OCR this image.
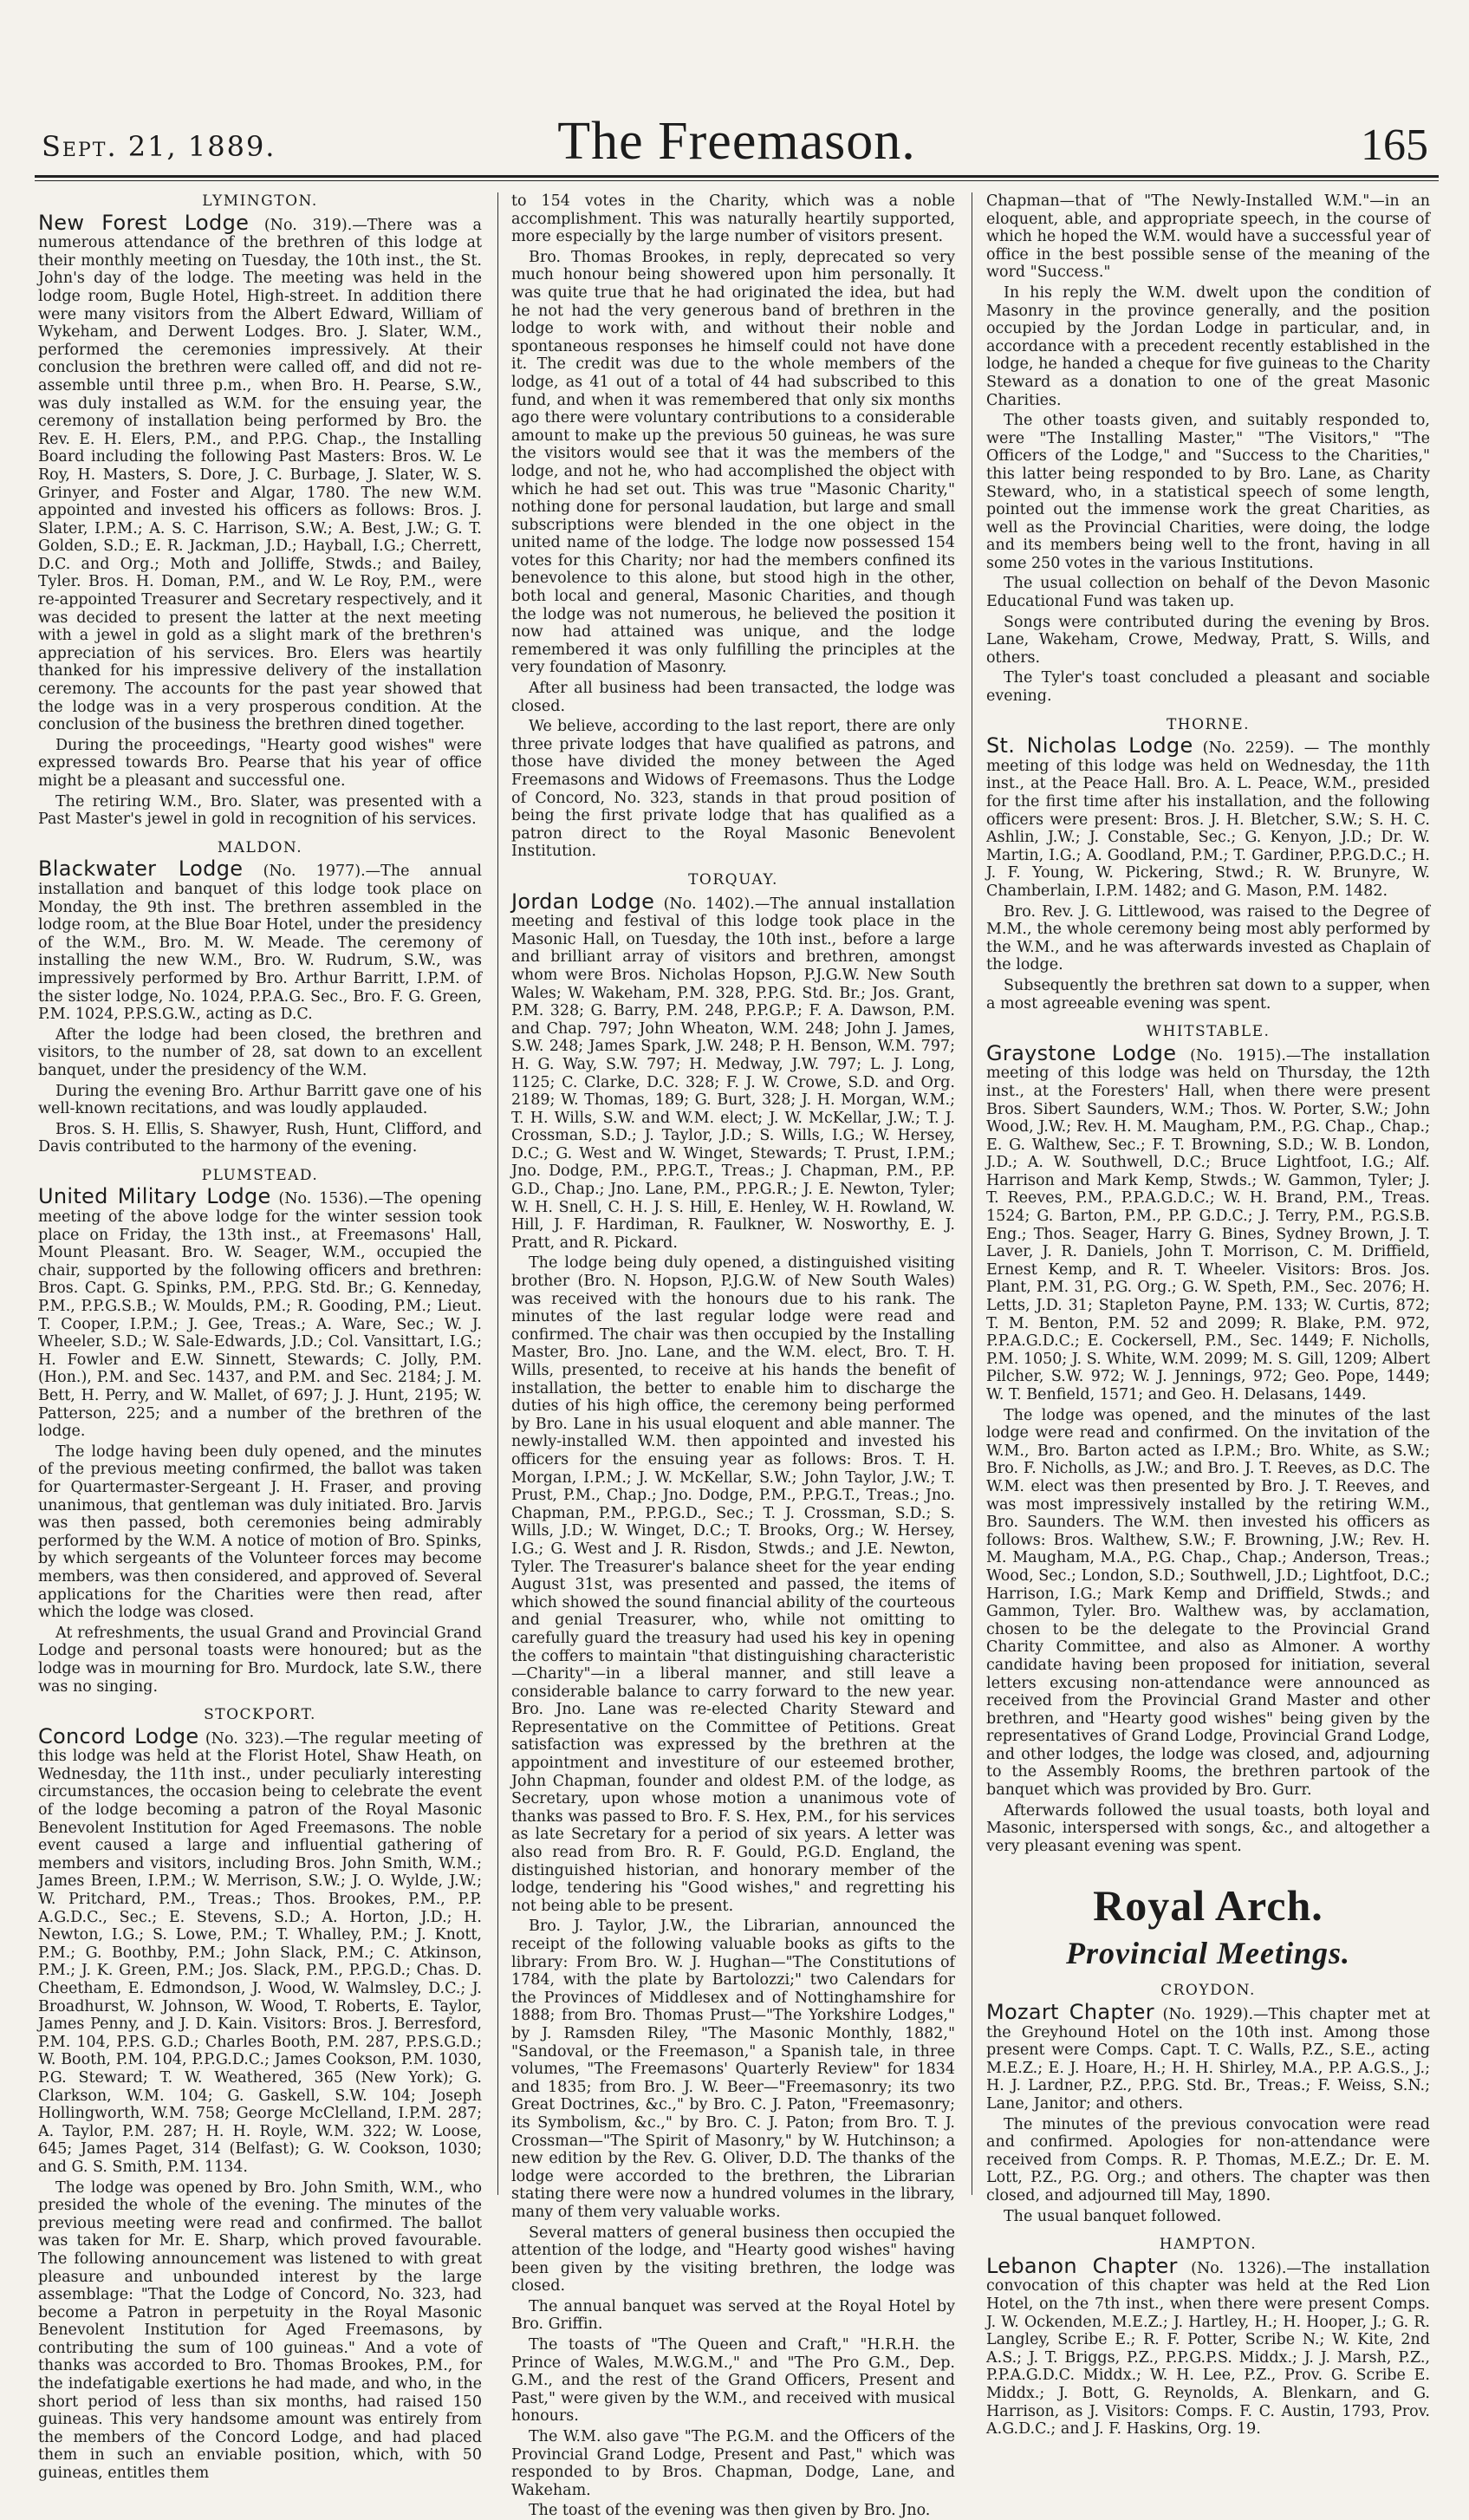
Sept. 21, 1889.	The Freemason.	165
LYMINGTON.

New Forest Lodge (No. 319).—There was a numerous attendance of the brethren of this lodge at their monthly meeting on Tuesday, the 10th inst., the St. John's day of the lodge. The meeting was held in the lodge room, Bugle Hotel, High-street. In addition there were many visitors from the Albert Edward, William of Wykeham, and Derwent Lodges. Bro. J. Slater, W.M., performed the ceremonies impressively. At their conclusion the brethren were called off, and did not re-assemble until three p.m., when Bro. H. Pearse, S.W., was duly installed as W.M. for the ensuing year, the ceremony of installation being performed by Bro. the Rev. E. H. Elers, P.M., and P.P.G. Chap., the Installing Board including the following Past Masters: Bros. W. Le Roy, H. Masters, S. Dore, J. C. Burbage, J. Slater, W. S. Grinyer, and Foster and Algar, 1780. The new W.M. appointed and invested his officers as follows: Bros. J. Slater, I.P.M.; A. S. C. Harrison, S.W.; A. Best, J.W.; G. T. Golden, S.D.; E. R. Jackman, J.D.; Hayball, I.G.; Cherrett, D.C. and Org.; Moth and Jolliffe, Stwds.; and Bailey, Tyler. Bros. H. Doman, P.M., and W. Le Roy, P.M., were re-appointed Treasurer and Secretary respectively, and it was decided to present the latter at the next meeting with a jewel in gold as a slight mark of the brethren's appreciation of his services. Bro. Elers was heartily thanked for his impressive delivery of the installation ceremony. The accounts for the past year showed that the lodge was in a very prosperous condition. At the conclusion of the business the brethren dined together.

During the proceedings, "Hearty good wishes" were expressed towards Bro. Pearse that his year of office might be a pleasant and successful one.

The retiring W.M., Bro. Slater, was presented with a Past Master's jewel in gold in recognition of his services.

MALDON.

Blackwater Lodge (No. 1977).—The annual installation and banquet of this lodge took place on Monday, the 9th inst. The brethren assembled in the lodge room, at the Blue Boar Hotel, under the presidency of the W.M., Bro. M. W. Meade. The ceremony of installing the new W.M., Bro. W. Rudrum, S.W., was impressively performed by Bro. Arthur Barritt, I.P.M. of the sister lodge, No. 1024, P.P.A.G. Sec., Bro. F. G. Green, P.M. 1024, P.P.S.G.W., acting as D.C.

After the lodge had been closed, the brethren and visitors, to the number of 28, sat down to an excellent banquet, under the presidency of the W.M.

During the evening Bro. Arthur Barritt gave one of his well-known recitations, and was loudly applauded.

Bros. S. H. Ellis, S. Shawyer, Rush, Hunt, Clifford, and Davis contributed to the harmony of the evening.

PLUMSTEAD.

United Military Lodge (No. 1536).—The opening meeting of the above lodge for the winter session took place on Friday, the 13th inst., at Freemasons' Hall, Mount Pleasant. Bro. W. Seager, W.M., occupied the chair, supported by the following officers and brethren: Bros. Capt. G. Spinks, P.M., P.P.G. Std. Br.; G. Kenneday, P.M., P.P.G.S.B.; W. Moulds, P.M.; R. Gooding, P.M.; Lieut. T. Cooper, I.P.M.; J. Gee, Treas.; A. Ware, Sec.; W. J. Wheeler, S.D.; W. Sale-Edwards, J.D.; Col. Vansittart, I.G.; H. Fowler and E.W. Sinnett, Stewards; C. Jolly, P.M. (Hon.), P.M. and Sec. 1437, and P.M. and Sec. 2184; J. M. Bett, H. Perry, and W. Mallet, of 697; J. J. Hunt, 2195; W. Patterson, 225; and a number of the brethren of the lodge.

The lodge having been duly opened, and the minutes of the previous meeting confirmed, the ballot was taken for Quartermaster-Sergeant J. H. Fraser, and proving unanimous, that gentleman was duly initiated. Bro. Jarvis was then passed, both ceremonies being admirably performed by the W.M. A notice of motion of Bro. Spinks, by which sergeants of the Volunteer forces may become members, was then considered, and approved of. Several applications for the Charities were then read, after which the lodge was closed.

At refreshments, the usual Grand and Provincial Grand Lodge and personal toasts were honoured; but as the lodge was in mourning for Bro. Murdock, late S.W., there was no singing.

STOCKPORT.

Concord Lodge (No. 323).—The regular meeting of this lodge was held at the Florist Hotel, Shaw Heath, on Wednesday, the 11th inst., under peculiarly interesting circumstances, the occasion being to celebrate the event of the lodge becoming a patron of the Royal Masonic Benevolent Institution for Aged Freemasons. The noble event caused a large and influential gathering of members and visitors, including Bros. John Smith, W.M.; James Breen, I.P.M.; W. Merrison, S.W.; J. O. Wylde, J.W.; W. Pritchard, P.M., Treas.; Thos. Brookes, P.M., P.P. A.G.D.C., Sec.; E. Stevens, S.D.; A. Horton, J.D.; H. Newton, I.G.; S. Lowe, P.M.; T. Whalley, P.M.; J. Knott, P.M.; G. Boothby, P.M.; John Slack, P.M.; C. Atkinson, P.M.; J. K. Green, P.M.; Jos. Slack, P.M., P.P.G.D.; Chas. D. Cheetham, E. Edmondson, J. Wood, W. Walmsley, D.C.; J. Broadhurst, W. Johnson, W. Wood, T. Roberts, E. Taylor, James Penny, and J. D. Kain. Visitors: Bros. J. Berresford, P.M. 104, P.P.S. G.D.; Charles Booth, P.M. 287, P.P.S.G.D.; W. Booth, P.M. 104, P.P.G.D.C.; James Cookson, P.M. 1030, P.G. Steward; T. W. Weathered, 365 (New York); G. Clarkson, W.M. 104; G. Gaskell, S.W. 104; Joseph Hollingworth, W.M. 758; George McClelland, I.P.M. 287; A. Taylor, P.M. 287; H. H. Royle, W.M. 322; W. Loose, 645; James Paget, 314 (Belfast); G. W. Cookson, 1030; and G. S. Smith, P.M. 1134.

The lodge was opened by Bro. John Smith, W.M., who presided the whole of the evening. The minutes of the previous meeting were read and confirmed. The ballot was taken for Mr. E. Sharp, which proved favourable. The following announcement was listened to with great pleasure and unbounded interest by the large assemblage: "That the Lodge of Concord, No. 323, had become a Patron in perpetuity in the Royal Masonic Benevolent Institution for Aged Freemasons, by contributing the sum of 100 guineas." And a vote of thanks was accorded to Bro. Thomas Brookes, P.M., for the indefatigable exertions he had made, and who, in the short period of less than six months, had raised 150 guineas. This very handsome amount was entirely from the members of the Concord Lodge, and had placed them in such an enviable position, which, with 50 guineas, entitles them

to 154 votes in the Charity, which was a noble accomplishment. This was naturally heartily supported, more especially by the large number of visitors present.

Bro. Thomas Brookes, in reply, deprecated so very much honour being showered upon him personally. It was quite true that he had originated the idea, but had he not had the very generous band of brethren in the lodge to work with, and without their noble and spontaneous responses he himself could not have done it. The credit was due to the whole members of the lodge, as 41 out of a total of 44 had subscribed to this fund, and when it was remembered that only six months ago there were voluntary contributions to a considerable amount to make up the previous 50 guineas, he was sure the visitors would see that it was the members of the lodge, and not he, who had accomplished the object with which he had set out. This was true "Masonic Charity," nothing done for personal laudation, but large and small subscriptions were blended in the one object in the united name of the lodge. The lodge now possessed 154 votes for this Charity; nor had the members confined its benevolence to this alone, but stood high in the other, both local and general, Masonic Charities, and though the lodge was not numerous, he believed the position it now had attained was unique, and the lodge remembered it was only fulfilling the principles at the very foundation of Masonry.

After all business had been transacted, the lodge was closed.

We believe, according to the last report, there are only three private lodges that have qualified as patrons, and those have divided the money between the Aged Freemasons and Widows of Freemasons. Thus the Lodge of Concord, No. 323, stands in that proud position of being the first private lodge that has qualified as a patron direct to the Royal Masonic Benevolent Institution.

TORQUAY.

Jordan Lodge (No. 1402).—The annual installation meeting and festival of this lodge took place in the Masonic Hall, on Tuesday, the 10th inst., before a large and brilliant array of visitors and brethren, amongst whom were Bros. Nicholas Hopson, P.J.G.W. New South Wales; W. Wakeham, P.M. 328, P.P.G. Std. Br.; Jos. Grant, P.M. 328; G. Barry, P.M. 248, P.P.G.P.; F. A. Dawson, P.M. and Chap. 797; John Wheaton, W.M. 248; John J. James, S.W. 248; James Spark, J.W. 248; P. H. Benson, W.M. 797; H. G. Way, S.W. 797; H. Medway, J.W. 797; L. J. Long, 1125; C. Clarke, D.C. 328; F. J. W. Crowe, S.D. and Org. 2189; W. Thomas, 189; G. Burt, 328; J. H. Morgan, W.M.; T. H. Wills, S.W. and W.M. elect; J. W. McKellar, J.W.; T. J. Crossman, S.D.; J. Taylor, J.D.; S. Wills, I.G.; W. Hersey, D.C.; G. West and W. Winget, Stewards; T. Prust, I.P.M.; Jno. Dodge, P.M., P.P.G.T., Treas.; J. Chapman, P.M., P.P. G.D., Chap.; Jno. Lane, P.M., P.P.G.R.; J. E. Newton, Tyler; W. H. Snell, C. H. J. S. Hill, E. Henley, W. H. Rowland, W. Hill, J. F. Hardiman, R. Faulkner, W. Nosworthy, E. J. Pratt, and R. Pickard.

The lodge being duly opened, a distinguished visiting brother (Bro. N. Hopson, P.J.G.W. of New South Wales) was received with the honours due to his rank. The minutes of the last regular lodge were read and confirmed. The chair was then occupied by the Installing Master, Bro. Jno. Lane, and the W.M. elect, Bro. T. H. Wills, presented, to receive at his hands the benefit of installation, the better to enable him to discharge the duties of his high office, the ceremony being performed by Bro. Lane in his usual eloquent and able manner. The newly-installed W.M. then appointed and invested his officers for the ensuing year as follows: Bros. T. H. Morgan, I.P.M.; J. W. McKellar, S.W.; John Taylor, J.W.; T. Prust, P.M., Chap.; Jno. Dodge, P.M., P.P.G.T., Treas.; Jno. Chapman, P.M., P.P.G.D., Sec.; T. J. Crossman, S.D.; S. Wills, J.D.; W. Winget, D.C.; T. Brooks, Org.; W. Hersey, I.G.; G. West and J. R. Risdon, Stwds.; and J.E. Newton, Tyler. The Treasurer's balance sheet for the year ending August 31st, was presented and passed, the items of which showed the sound financial ability of the courteous and genial Treasurer, who, while not omitting to carefully guard the treasury had used his key in opening the coffers to maintain "that distinguishing characteristic—Charity"—in a liberal manner, and still leave a considerable balance to carry forward to the new year. Bro. Jno. Lane was re-elected Charity Steward and Representative on the Committee of Petitions. Great satisfaction was expressed by the brethren at the appointment and investiture of our esteemed brother, John Chapman, founder and oldest P.M. of the lodge, as Secretary, upon whose motion a unanimous vote of thanks was passed to Bro. F. S. Hex, P.M., for his services as late Secretary for a period of six years. A letter was also read from Bro. R. F. Gould, P.G.D. England, the distinguished historian, and honorary member of the lodge, tendering his "Good wishes," and regretting his not being able to be present.

Bro. J. Taylor, J.W., the Librarian, announced the receipt of the following valuable books as gifts to the library: From Bro. W. J. Hughan—"The Constitutions of 1784, with the plate by Bartolozzi;" two Calendars for the Provinces of Middlesex and of Nottinghamshire for 1888; from Bro. Thomas Prust—"The Yorkshire Lodges," by J. Ramsden Riley, "The Masonic Monthly, 1882," "Sandoval, or the Freemason," a Spanish tale, in three volumes, "The Freemasons' Quarterly Review" for 1834 and 1835; from Bro. J. W. Beer—"Freemasonry; its two Great Doctrines, &c.," by Bro. C. J. Paton, "Freemasonry; its Symbolism, &c.," by Bro. C. J. Paton; from Bro. T. J. Crossman—"The Spirit of Masonry," by W. Hutchinson; a new edition by the Rev. G. Oliver, D.D. The thanks of the lodge were accorded to the brethren, the Librarian stating there were now a hundred volumes in the library, many of them very valuable works.

Several matters of general business then occupied the attention of the lodge, and "Hearty good wishes" having been given by the visiting brethren, the lodge was closed.

The annual banquet was served at the Royal Hotel by Bro. Griffin.

The toasts of "The Queen and Craft," "H.R.H. the Prince of Wales, M.W.G.M.," and "The Pro G.M., Dep. G.M., and the rest of the Grand Officers, Present and Past," were given by the W.M., and received with musical honours.

The W.M. also gave "The P.G.M. and the Officers of the Provincial Grand Lodge, Present and Past," which was responded to by Bros. Chapman, Dodge, Lane, and Wakeham.

The toast of the evening was then given by Bro. Jno.

Chapman—that of "The Newly-Installed W.M."—in an eloquent, able, and appropriate speech, in the course of which he hoped the W.M. would have a successful year of office in the best possible sense of the meaning of the word "Success."

In his reply the W.M. dwelt upon the condition of Masonry in the province generally, and the position occupied by the Jordan Lodge in particular, and, in accordance with a precedent recently established in the lodge, he handed a cheque for five guineas to the Charity Steward as a donation to one of the great Masonic Charities.

The other toasts given, and suitably responded to, were "The Installing Master," "The Visitors," "The Officers of the Lodge," and "Success to the Charities," this latter being responded to by Bro. Lane, as Charity Steward, who, in a statistical speech of some length, pointed out the immense work the great Charities, as well as the Provincial Charities, were doing, the lodge and its members being well to the front, having in all some 250 votes in the various Institutions.

The usual collection on behalf of the Devon Masonic Educational Fund was taken up.

Songs were contributed during the evening by Bros. Lane, Wakeham, Crowe, Medway, Pratt, S. Wills, and others.

The Tyler's toast concluded a pleasant and sociable evening.

THORNE.

St. Nicholas Lodge (No. 2259). — The monthly meeting of this lodge was held on Wednesday, the 11th inst., at the Peace Hall. Bro. A. L. Peace, W.M., presided for the first time after his installation, and the following officers were present: Bros. J. H. Bletcher, S.W.; S. H. C. Ashlin, J.W.; J. Constable, Sec.; G. Kenyon, J.D.; Dr. W. Martin, I.G.; A. Goodland, P.M.; T. Gardiner, P.P.G.D.C.; H. J. F. Young, W. Pickering, Stwd.; R. W. Brunyre, W. Chamberlain, I.P.M. 1482; and G. Mason, P.M. 1482.

Bro. Rev. J. G. Littlewood, was raised to the Degree of M.M., the whole ceremony being most ably performed by the W.M., and he was afterwards invested as Chaplain of the lodge.

Subsequently the brethren sat down to a supper, when a most agreeable evening was spent.

WHITSTABLE.

Graystone Lodge (No. 1915).—The installation meeting of this lodge was held on Thursday, the 12th inst., at the Foresters' Hall, when there were present Bros. Sibert Saunders, W.M.; Thos. W. Porter, S.W.; John Wood, J.W.; Rev. H. M. Maugham, P.M., P.G. Chap., Chap.; E. G. Walthew, Sec.; F. T. Browning, S.D.; W. B. London, J.D.; A. W. Southwell, D.C.; Bruce Lightfoot, I.G.; Alf. Harrison and Mark Kemp, Stwds.; W. Gammon, Tyler; J. T. Reeves, P.M., P.P.A.G.D.C.; W. H. Brand, P.M., Treas. 1524; G. Barton, P.M., P.P. G.D.C.; J. Terry, P.M., P.G.S.B. Eng.; Thos. Seager, Harry G. Bines, Sydney Brown, J. T. Laver, J. R. Daniels, John T. Morrison, C. M. Driffield, Ernest Kemp, and R. T. Wheeler. Visitors: Bros. Jos. Plant, P.M. 31, P.G. Org.; G. W. Speth, P.M., Sec. 2076; H. Letts, J.D. 31; Stapleton Payne, P.M. 133; W. Curtis, 872; T. M. Benton, P.M. 52 and 2099; R. Blake, P.M. 972, P.P.A.G.D.C.; E. Cockersell, P.M., Sec. 1449; F. Nicholls, P.M. 1050; J. S. White, W.M. 2099; M. S. Gill, 1209; Albert Pilcher, S.W. 972; W. J. Jennings, 972; Geo. Pope, 1449; W. T. Benfield, 1571; and Geo. H. Delasans, 1449.

The lodge was opened, and the minutes of the last lodge were read and confirmed. On the invitation of the W.M., Bro. Barton acted as I.P.M.; Bro. White, as S.W.; Bro. F. Nicholls, as J.W.; and Bro. J. T. Reeves, as D.C. The W.M. elect was then presented by Bro. J. T. Reeves, and was most impressively installed by the retiring W.M., Bro. Saunders. The W.M. then invested his officers as follows: Bros. Walthew, S.W.; F. Browning, J.W.; Rev. H. M. Maugham, M.A., P.G. Chap., Chap.; Anderson, Treas.; Wood, Sec.; London, S.D.; Southwell, J.D.; Lightfoot, D.C.; Harrison, I.G.; Mark Kemp and Driffield, Stwds.; and Gammon, Tyler. Bro. Walthew was, by acclamation, chosen to be the delegate to the Provincial Grand Charity Committee, and also as Almoner. A worthy candidate having been proposed for initiation, several letters excusing non-attendance were announced as received from the Provincial Grand Master and other brethren, and "Hearty good wishes" being given by the representatives of Grand Lodge, Provincial Grand Lodge, and other lodges, the lodge was closed, and, adjourning to the Assembly Rooms, the brethren partook of the banquet which was provided by Bro. Gurr.

Afterwards followed the usual toasts, both loyal and Masonic, interspersed with songs, &c., and altogether a very pleasant evening was spent.

Royal Arch.
Provincial Meetings.
CROYDON.

Mozart Chapter (No. 1929).—This chapter met at the Greyhound Hotel on the 10th inst. Among those present were Comps. Capt. T. C. Walls, P.Z., S.E., acting M.E.Z.; E. J. Hoare, H.; H. H. Shirley, M.A., P.P. A.G.S., J.; H. J. Lardner, P.Z., P.P.G. Std. Br., Treas.; F. Weiss, S.N.; Lane, Janitor; and others.

The minutes of the previous convocation were read and confirmed. Apologies for non-attendance were received from Comps. R. P. Thomas, M.E.Z.; Dr. E. M. Lott, P.Z., P.G. Org.; and others. The chapter was then closed, and adjourned till May, 1890.

The usual banquet followed.

HAMPTON.

Lebanon Chapter (No. 1326).—The installation convocation of this chapter was held at the Red Lion Hotel, on the 7th inst., when there were present Comps. J. W. Ockenden, M.E.Z.; J. Hartley, H.; H. Hooper, J.; G. R. Langley, Scribe E.; R. F. Potter, Scribe N.; W. Kite, 2nd A.S.; J. T. Briggs, P.Z., P.P.G.P.S. Middx.; J. J. Marsh, P.Z., P.P.A.G.D.C. Middx.; W. H. Lee, P.Z., Prov. G. Scribe E. Middx.; J. Bott, G. Reynolds, A. Blenkarn, and G. Harrison, as J. Visitors: Comps. F. C. Austin, 1793, Prov. A.G.D.C.; and J. F. Haskins, Org. 19.
